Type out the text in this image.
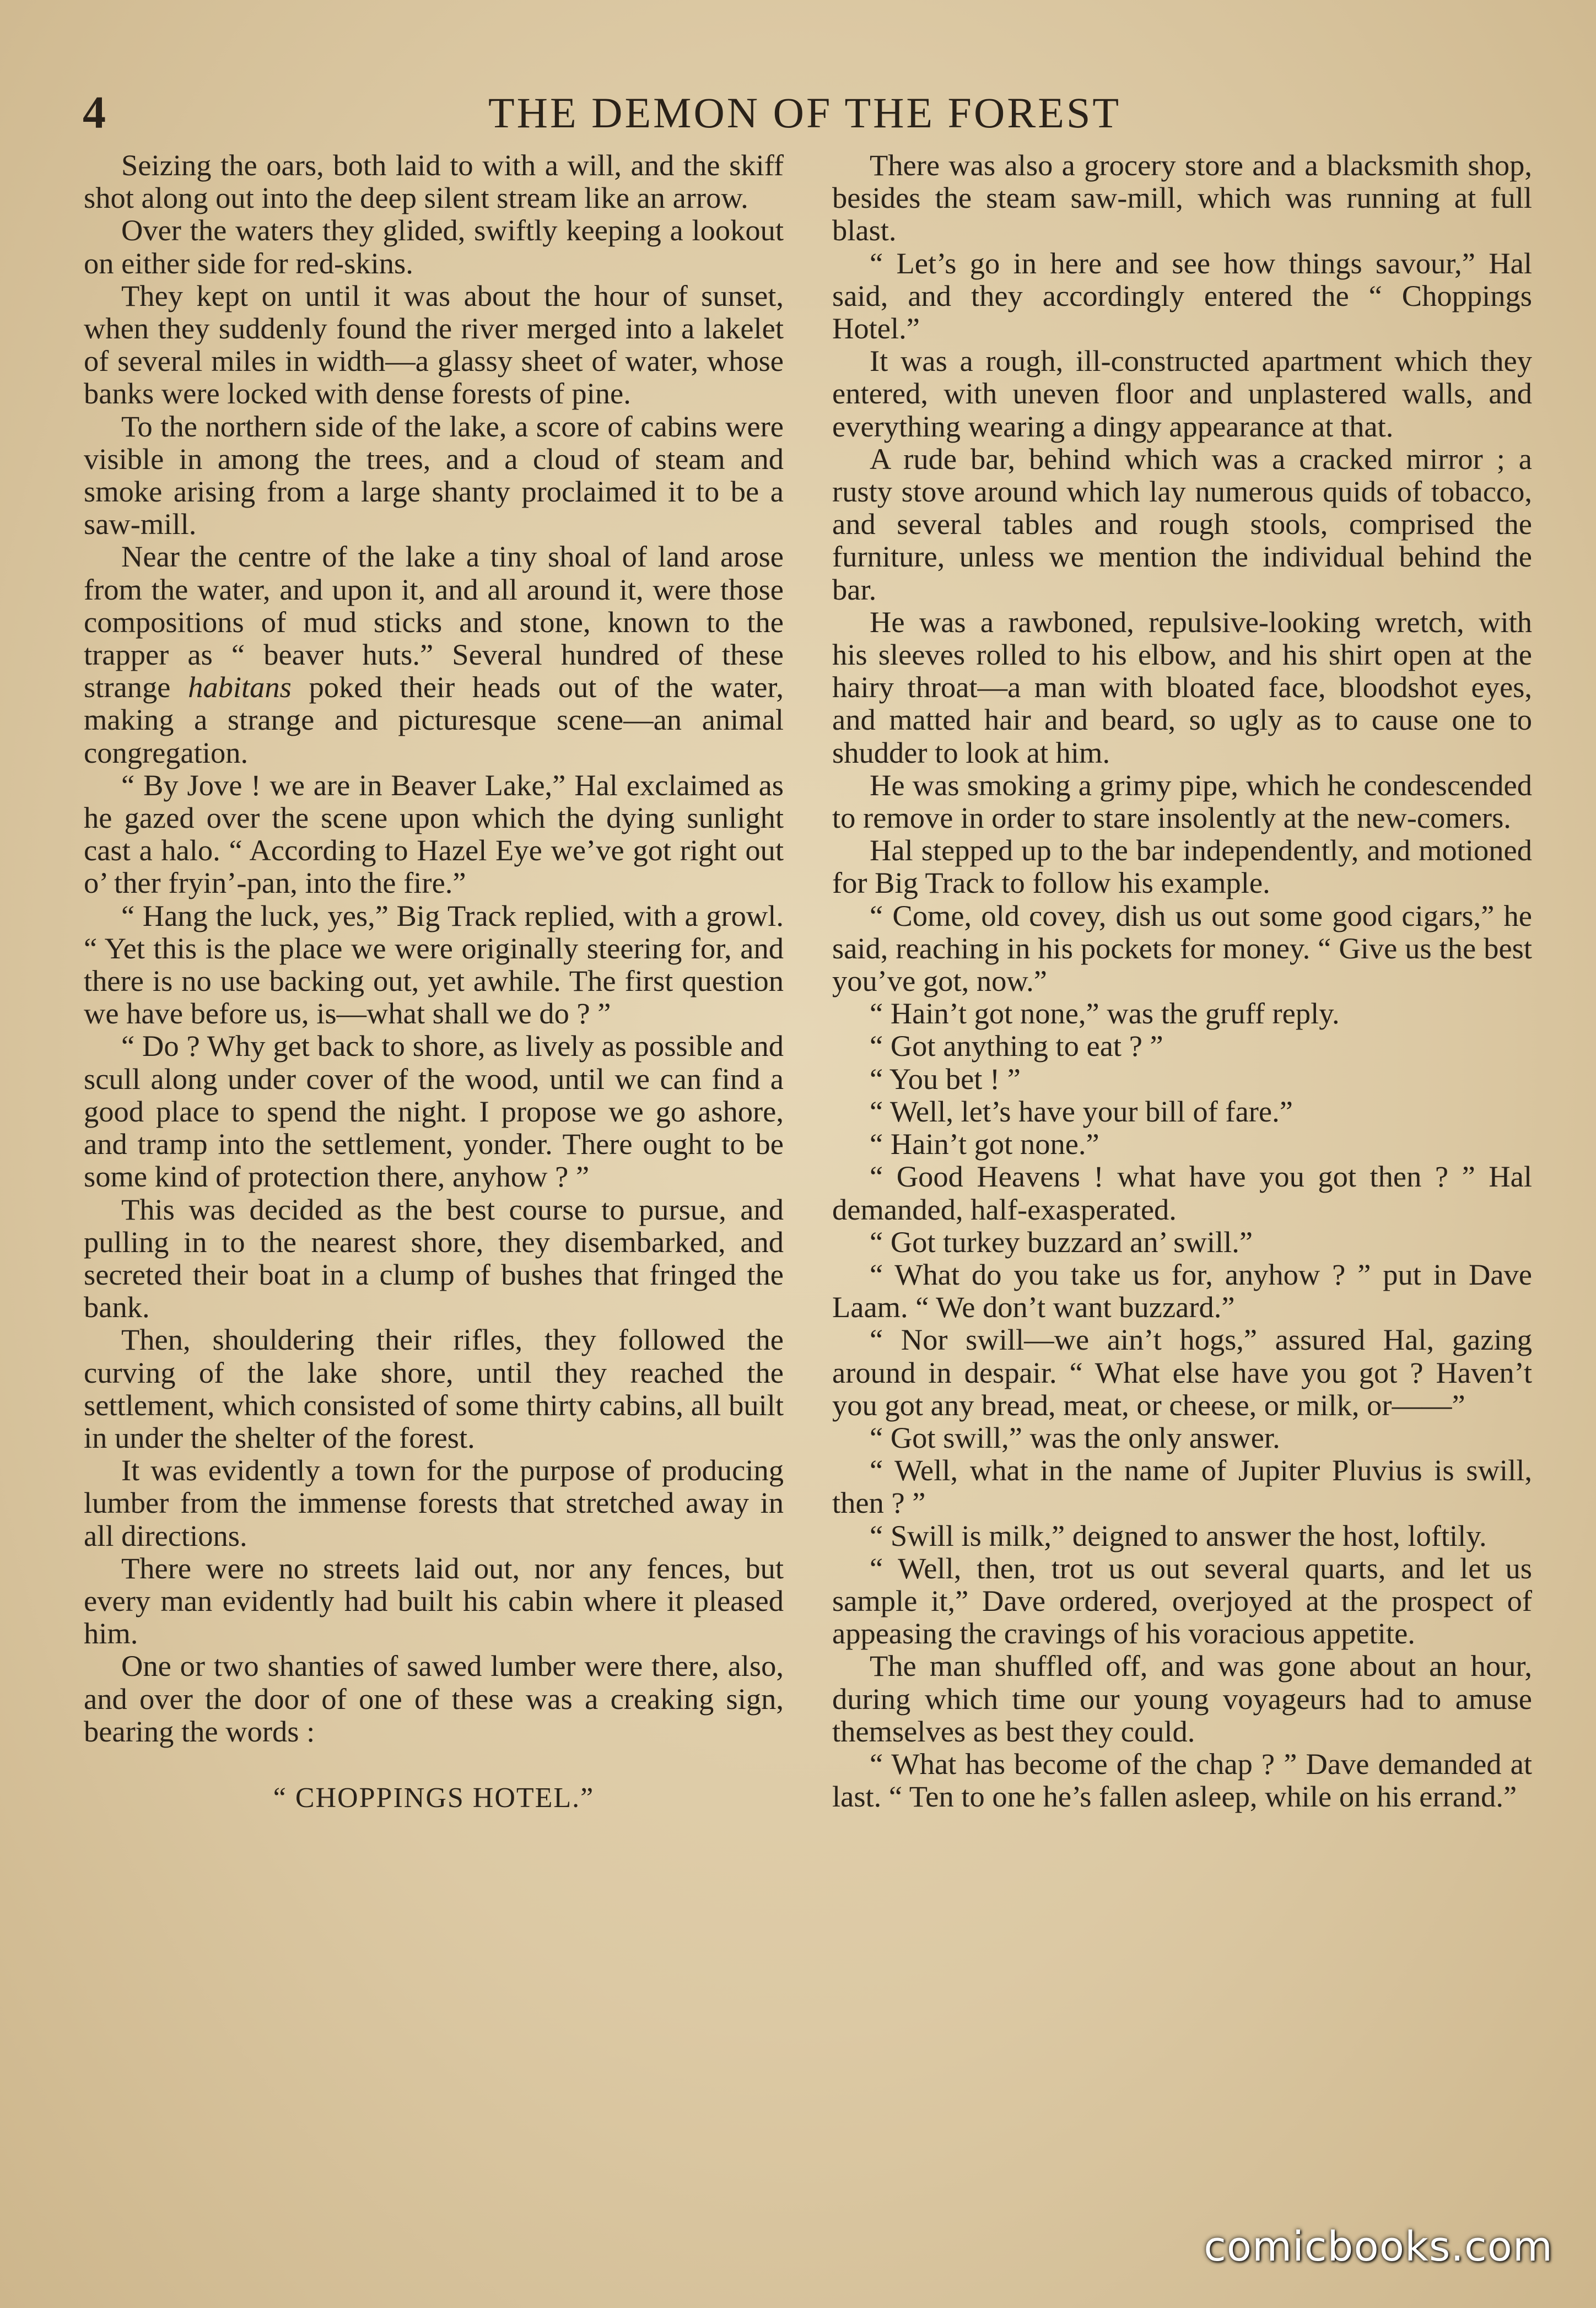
4	THE DEMON OF THE FOREST

Seizing the oars, both laid to with a will, and the skiff shot along out into the deep silent stream like an arrow.

Over the waters they glided, swiftly keeping a lookout on either side for red-skins.

They kept on until it was about the hour of sunset, when they suddenly found the river merged into a lakelet of several miles in width—a glassy sheet of water, whose banks were locked with dense forests of pine.

To the northern side of the lake, a score of cabins were visible in among the trees, and a cloud of steam and smoke arising from a large shanty proclaimed it to be a saw-mill.

Near the centre of the lake a tiny shoal of land arose from the water, and upon it, and all around it, were those compositions of mud sticks and stone, known to the trapper as “ beaver huts.” Several hundred of these strange habitans poked their heads out of the water, making a strange and picturesque scene—an animal congregation.

“ By Jove ! we are in Beaver Lake,” Hal exclaimed as he gazed over the scene upon which the dying sunlight cast a halo. “ According to Hazel Eye we’ve got right out o’ ther fryin’-pan, into the fire.”

“ Hang the luck, yes,” Big Track replied, with a growl. “ Yet this is the place we were originally steering for, and there is no use backing out, yet awhile. The first question we have before us, is—what shall we do ? ”

“ Do ? Why get back to shore, as lively as possible and scull along under cover of the wood, until we can find a good place to spend the night. I propose we go ashore, and tramp into the settlement, yonder. There ought to be some kind of protection there, anyhow ? ”

This was decided as the best course to pursue, and pulling in to the nearest shore, they disembarked, and secreted their boat in a clump of bushes that fringed the bank.

Then, shouldering their rifles, they followed the curving of the lake shore, until they reached the settlement, which consisted of some thirty cabins, all built in under the shelter of the forest.

It was evidently a town for the purpose of producing lumber from the immense forests that stretched away in all directions.

There were no streets laid out, nor any fences, but every man evidently had built his cabin where it pleased him.

One or two shanties of sawed lumber were there, also, and over the door of one of these was a creaking sign, bearing the words :

“ CHOPPINGS HOTEL.”

There was also a grocery store and a blacksmith shop, besides the steam saw-mill, which was running at full blast.

“ Let’s go in here and see how things savour,” Hal said, and they accordingly entered the “ Choppings Hotel.”

It was a rough, ill-constructed apartment which they entered, with uneven floor and unplastered walls, and everything wearing a dingy appearance at that.

A rude bar, behind which was a cracked mirror ; a rusty stove around which lay numerous quids of tobacco, and several tables and rough stools, comprised the furniture, unless we mention the individual behind the bar.

He was a rawboned, repulsive-looking wretch, with his sleeves rolled to his elbow, and his shirt open at the hairy throat—a man with bloated face, bloodshot eyes, and matted hair and beard, so ugly as to cause one to shudder to look at him.

He was smoking a grimy pipe, which he condescended to remove in order to stare insolently at the new-comers.

Hal stepped up to the bar independently, and motioned for Big Track to follow his example.

“ Come, old covey, dish us out some good cigars,” he said, reaching in his pockets for money. “ Give us the best you’ve got, now.”

“ Hain’t got none,” was the gruff reply.

“ Got anything to eat ? ”

“ You bet ! ”

“ Well, let’s have your bill of fare.”

“ Hain’t got none.”

“ Good Heavens ! what have you got then ? ” Hal demanded, half-exasperated.

“ Got turkey buzzard an’ swill.”

“ What do you take us for, anyhow ? ” put in Dave Laam. “ We don’t want buzzard.”

“ Nor swill—we ain’t hogs,” assured Hal, gazing around in despair. “ What else have you got ? Haven’t you got any bread, meat, or cheese, or milk, or——”

“ Got swill,” was the only answer.

“ Well, what in the name of Jupiter Pluvius is swill, then ? ”

“ Swill is milk,” deigned to answer the host, loftily.

“ Well, then, trot us out several quarts, and let us sample it,” Dave ordered, overjoyed at the prospect of appeasing the cravings of his voracious appetite.

The man shuffled off, and was gone about an hour, during which time our young voyageurs had to amuse themselves as best they could.

“ What has become of the chap ? ” Dave demanded at last. “ Ten to one he’s fallen asleep, while on his errand.”

comicbooks.com
